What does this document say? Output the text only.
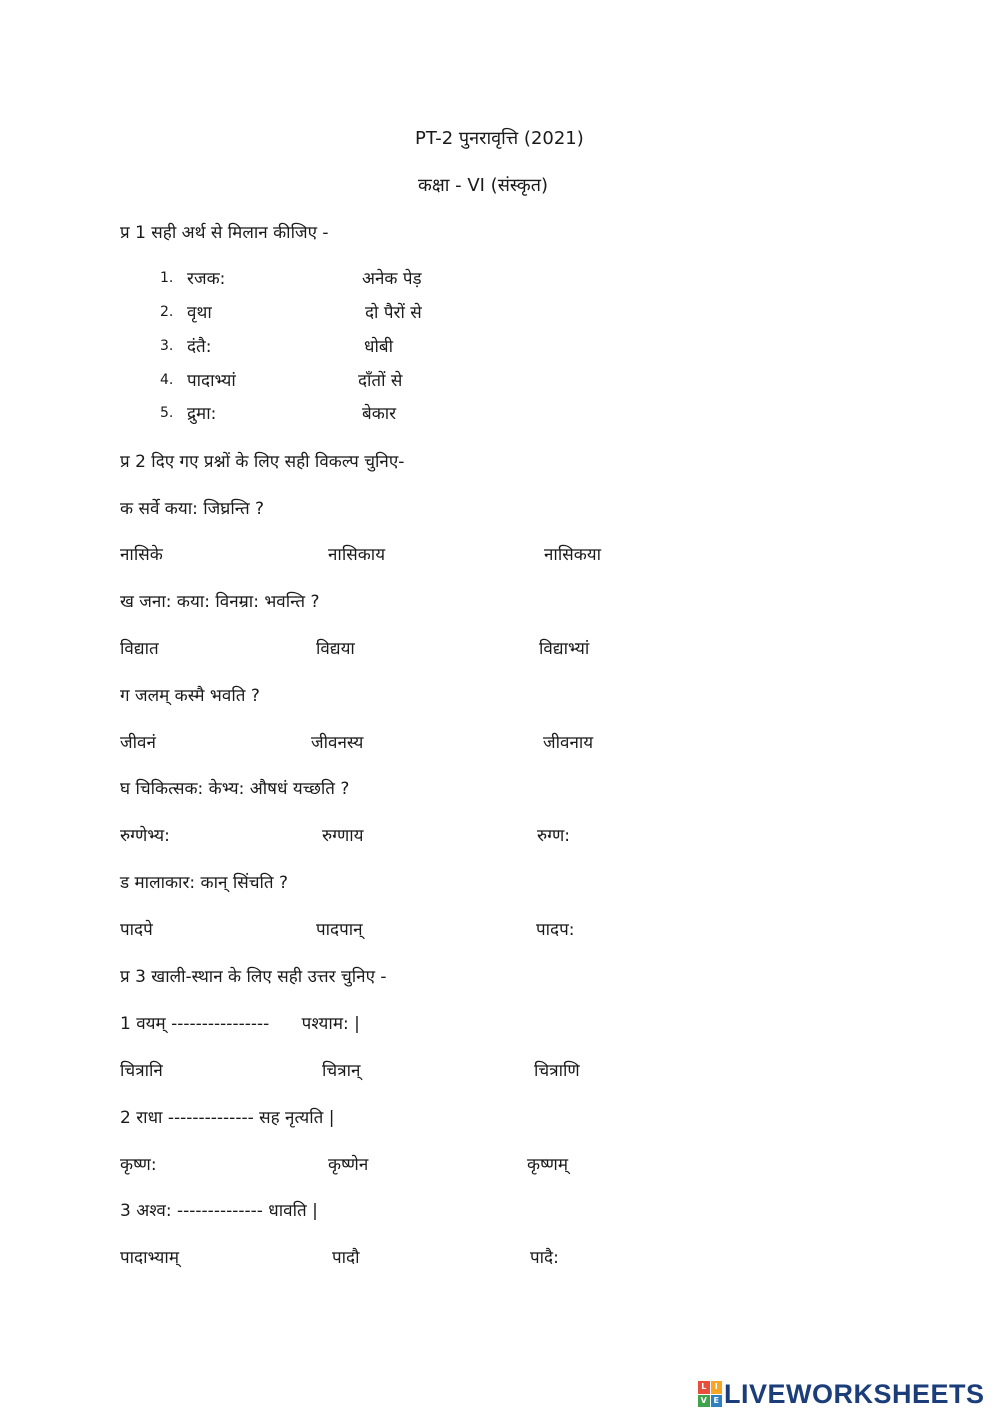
PT-2 पुनरावृत्ति (2021)
कक्षा - VI (संस्कृत)
प्र 1 सही अर्थ से मिलान कीजिए -
1. रजक:	अनेक पेड़
2. वृथा	दो पैरों से
3. दंतै:	धोबी
4. पादाभ्यां	दाँतों से
5. द्रुमा:	बेकार
प्र 2 दिए गए प्रश्नों के लिए सही विकल्प चुनिए-
क सर्वे कया: जिघ्रन्ति ?
नासिके	नासिकाय	नासिकया
ख जना: कया: विनम्रा: भवन्ति ?
विद्यात	विद्यया	विद्याभ्यां
ग जलम् कस्मै भवति ?
जीवनं	जीवनस्य	जीवनाय
घ चिकित्सक: केभ्य: औषधं यच्छति ?
रुग्णेभ्य:	रुग्णाय	रुग्ण:
ड मालाकार: कान् सिंचति ?
पादपे	पादपान्	पादप:
प्र 3 खाली-स्थान के लिए सही उत्तर चुनिए -
1 वयम् ----------------      पश्याम: |
चित्रानि	चित्रान्	चित्राणि
2 राधा -------------- सह नृत्यति |
कृष्ण:	कृष्णेन	कृष्णम्
3 अश्व: -------------- धावति |
पादाभ्याम्	पादौ	पादै:
L	I
V E LIVEWORKSHEETS
